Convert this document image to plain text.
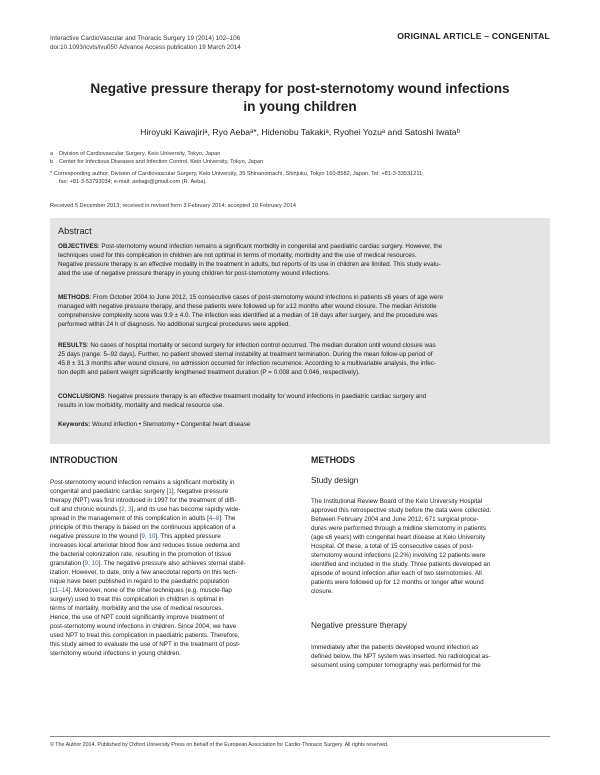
Interactive CardioVascular and Thoracic Surgery 19 (2014) 102–106
doi:10.1093/icvts/ivu050 Advance Access publication 19 March 2014
ORIGINAL ARTICLE – CONGENITAL
Negative pressure therapy for post-sternotomy wound infections
in young children
Hiroyuki Kawajiriᵃ, Ryo Aebaᵃ*, Hidenobu Takakiᵃ, Ryohei Yozuᵃ and Satoshi Iwataᵇ
a Division of Cardiovascular Surgery, Keio University, Tokyo, Japan
b Center for Infectious Diseases and Infection Control, Keio University, Tokyo, Japan
* Corresponding author. Division of Cardiovascular Surgery, Keio University, 35 Shinanomachi, Shinjuku, Tokyo 160-8582, Japan. Tel: +81-3-33531211;
fax: +81-3-53793034; e-mail: aebajp@gmail.com (R. Aeba).
Received 5 December 2013; received in revised form 3 February 2014; accepted 10 February 2014
Abstract
OBJECTIVES: Post-sternotomy wound infection remains a significant morbidity in congenital and paediatric cardiac surgery. However, the
techniques used for this complication in children are not optimal in terms of mortality, morbidity and the use of medical resources.
Negative pressure therapy is an effective modality in the treatment in adults, but reports of its use in children are limited. This study evalu-
ated the use of negative pressure therapy in young children for post-sternotomy wound infections.
METHODS: From October 2004 to June 2012, 15 consecutive cases of post-sternotomy wound infections in patients ≤6 years of age were
managed with negative pressure therapy, and these patients were followed up for ≥12 months after wound closure. The median Aristotle
comprehensive complexity score was 9.9 ± 4.0. The infection was identified at a median of 16 days after surgery, and the procedure was
performed within 24 h of diagnosis. No additional surgical procedures were applied.
RESULTS: No cases of hospital mortality or second surgery for infection control occurred. The median duration until wound closure was
25 days (range: 5–92 days). Further, no patient showed sternal instability at treatment termination. During the mean follow-up period of
45.8 ± 31.3 months after wound closure, no admission occurred for infection recurrence. According to a multivariable analysis, the infec-
tion depth and patient weight significantly lengthened treatment duration (P = 0.008 and 0.046, respectively).
CONCLUSIONS: Negative pressure therapy is an effective treatment modality for wound infections in paediatric cardiac surgery and
results in low morbidity, mortality and medical resource use.
Keywords: Wound infection • Sternotomy • Congenital heart disease
INTRODUCTION
Post-sternotomy wound infection remains a significant morbidity in
congenital and paediatric cardiac surgery [1]. Negative pressure
therapy (NPT) was first introduced in 1997 for the treatment of diffi-
cult and chronic wounds [2, 3], and its use has become rapidly wide-
spread in the management of this complication in adults [4–8]. The
principle of this therapy is based on the continuous application of a
negative pressure to the wound [9, 10]. This applied pressure
increases local arteriolar blood flow and reduces tissue oedema and
the bacterial colonization rate, resulting in the promotion of tissue
granulation [9, 10]. The negative pressure also achieves sternal stabil-
ization. However, to date, only a few anecdotal reports on this tech-
nique have been published in regard to the paediatric population
[11–14]. Moreover, none of the other techniques (e.g. muscle-flap
surgery) used to treat this complication in children is optimal in
terms of mortality, morbidity and the use of medical resources.
Hence, the use of NPT could significantly improve treatment of
post-sternotomy wound infections in children. Since 2004, we have
used NPT to treat this complication in paediatric patients. Therefore,
this study aimed to evaluate the use of NPT in the treatment of post-
sternotomy wound infections in young children.
METHODS
Study design
The Institutional Review Board of the Keio University Hospital
approved this retrospective study before the data were collected.
Between February 2004 and June 2012, 671 surgical proce-
dures were performed through a midline sternotomy in patients
(age ≤6 years) with congenital heart disease at Keio University
Hospital. Of these, a total of 15 consecutive cases of post-
sternotomy wound infections (2.2%) involving 12 patients were
identified and included in the study. Three patients developed an
episode of wound infection after each of two sternotomies. All
patients were followed up for 12 months or longer after wound
closure.
Negative pressure therapy
Immediately after the patients developed wound infection as
defined below, the NPT system was inserted. No radiological as-
sessment using computer tomography was performed for the
© The Author 2014. Published by Oxford University Press on behalf of the European Association for Cardio-Thoracic Surgery. All rights reserved.
